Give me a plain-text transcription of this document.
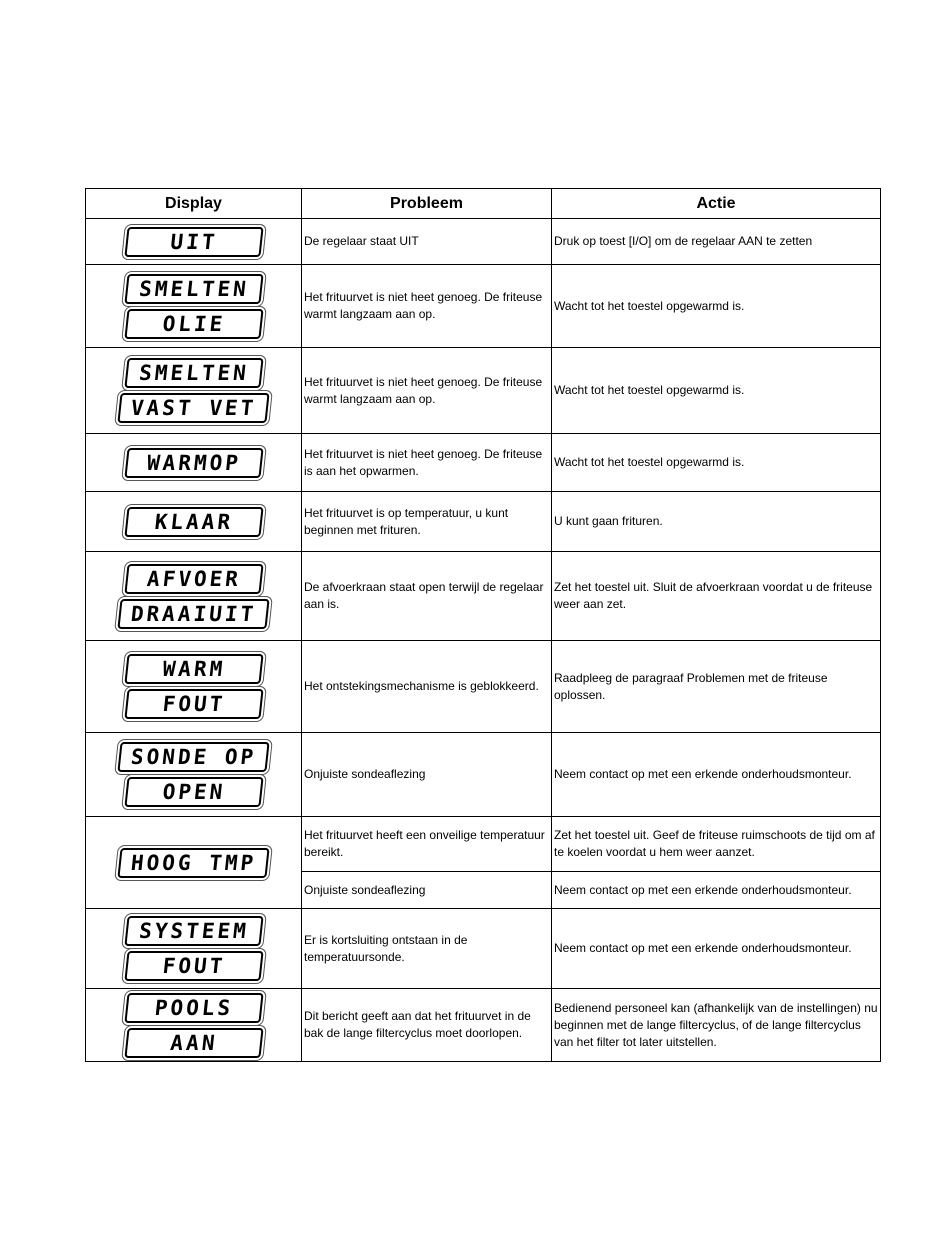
Display	Probleem	Actie

UIT	De regelaar staat UIT	Druk op toest [I/O] om de regelaar AAN te zetten

SMELTEN
OLIE	Het frituurvet is niet heet genoeg. De friteuse warmt langzaam aan op.	Wacht tot het toestel opgewarmd is.

SMELTEN
VAST VET	Het frituurvet is niet heet genoeg. De friteuse warmt langzaam aan op.	Wacht tot het toestel opgewarmd is.

WARMOP	Het frituurvet is niet heet genoeg. De friteuse is aan het opwarmen.	Wacht tot het toestel opgewarmd is.

KLAAR	Het frituurvet is op temperatuur, u kunt beginnen met frituren.	U kunt gaan frituren.

AFVOER
DRAAIUIT	De afvoerkraan staat open terwijl de regelaar aan is.	Zet het toestel uit. Sluit de afvoerkraan voordat u de friteuse weer aan zet.

WARM
FOUT	Het ontstekingsmechanisme is geblokkeerd.	Raadpleeg de paragraaf Problemen met de friteuse oplossen.

SONDE OP
OPEN	Onjuiste sondeaflezing	Neem contact op met een erkende onderhoudsmonteur.

HOOG TMP	Het frituurvet heeft een onveilige temperatuur bereikt.	Zet het toestel uit. Geef de friteuse ruimschoots de tijd om af te koelen voordat u hem weer aanzet.
	Onjuiste sondeaflezing	Neem contact op met een erkende onderhoudsmonteur.

SYSTEEM
FOUT	Er is kortsluiting ontstaan in de temperatuursonde.	Neem contact op met een erkende onderhoudsmonteur.

POOLS
AAN	Dit bericht geeft aan dat het frituurvet in de bak de lange filtercyclus moet doorlopen.	Bedienend personeel kan (afhankelijk van de instellingen) nu beginnen met de lange filtercyclus, of de lange filtercyclus van het filter tot later uitstellen.
